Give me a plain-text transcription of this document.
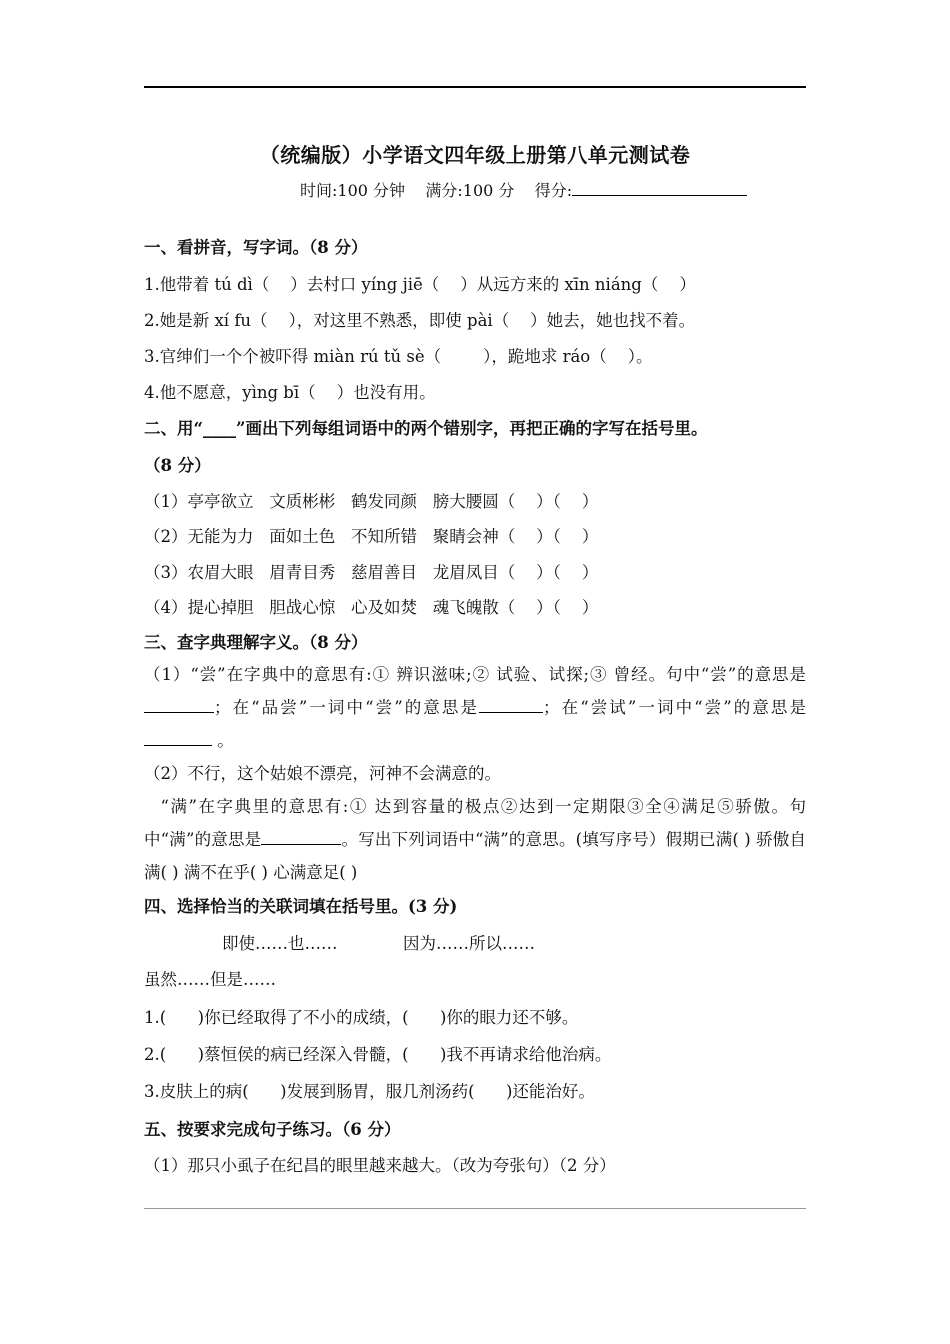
（统编版）小学语文四年级上册第八单元测试卷
时间:100 分钟 满分:100 分 得分:
一、看拼音，写字词。（8 分）
1.他带着 tú dì（    ）去村口 yíng jiē（    ）从远方来的 xīn niáng（    ）
2.她是新 xí fu（    ），对这里不熟悉，即使 pài（    ）她去，她也找不着。
3.官绅们一个个被吓得 miàn rú tǔ sè（        ），跪地求 ráo（    ）。
4.他不愿意，yìng bī（    ）也没有用。
二、用“____”画出下列每组词语中的两个错别字，再把正确的字写在括号里。
（8 分）
（1）亭亭欲立   文质彬彬   鹤发同颜   膀大腰圆（    ）（    ）
（2）无能为力   面如土色   不知所错   聚睛会神（    ）（    ）
（3）农眉大眼   眉青目秀   慈眉善目   龙眉凤目（    ）（    ）
（4）提心掉胆   胆战心惊   心及如焚   魂飞魄散（    ）（    ）
三、查字典理解字义。（8 分）
（1）“尝”在字典中的意思有:① 辨识滋味;② 试验、试探;③ 曾经。句中“尝”的意思是；在“品尝”一词中“尝”的意思是	；在“尝试”一词中“尝”的意思是 。
（2）不行，这个姑娘不漂亮，河神不会满意的。
“满”在字典里的意思有:① 达到容量的极点②达到一定期限③全④满足⑤骄傲。句中“满”的意思是	。写出下列词语中“满”的意思。(填写序号）假期已满( ) 骄傲自满( ) 满不在乎( ) 心满意足( )
四、选择恰当的关联词填在括号里。(3 分)
即使……也……	因为……所以……
虽然……但是……
1.(      )你已经取得了不小的成绩，(      )你的眼力还不够。
2.(      )蔡恒侯的病已经深入骨髓，(      )我不再请求给他治病。
3.皮肤上的病(      )发展到肠胃，服几剂汤药(      )还能治好。
五、按要求完成句子练习。（6 分）
（1）那只小虱子在纪昌的眼里越来越大。（改为夸张句）（2 分）
